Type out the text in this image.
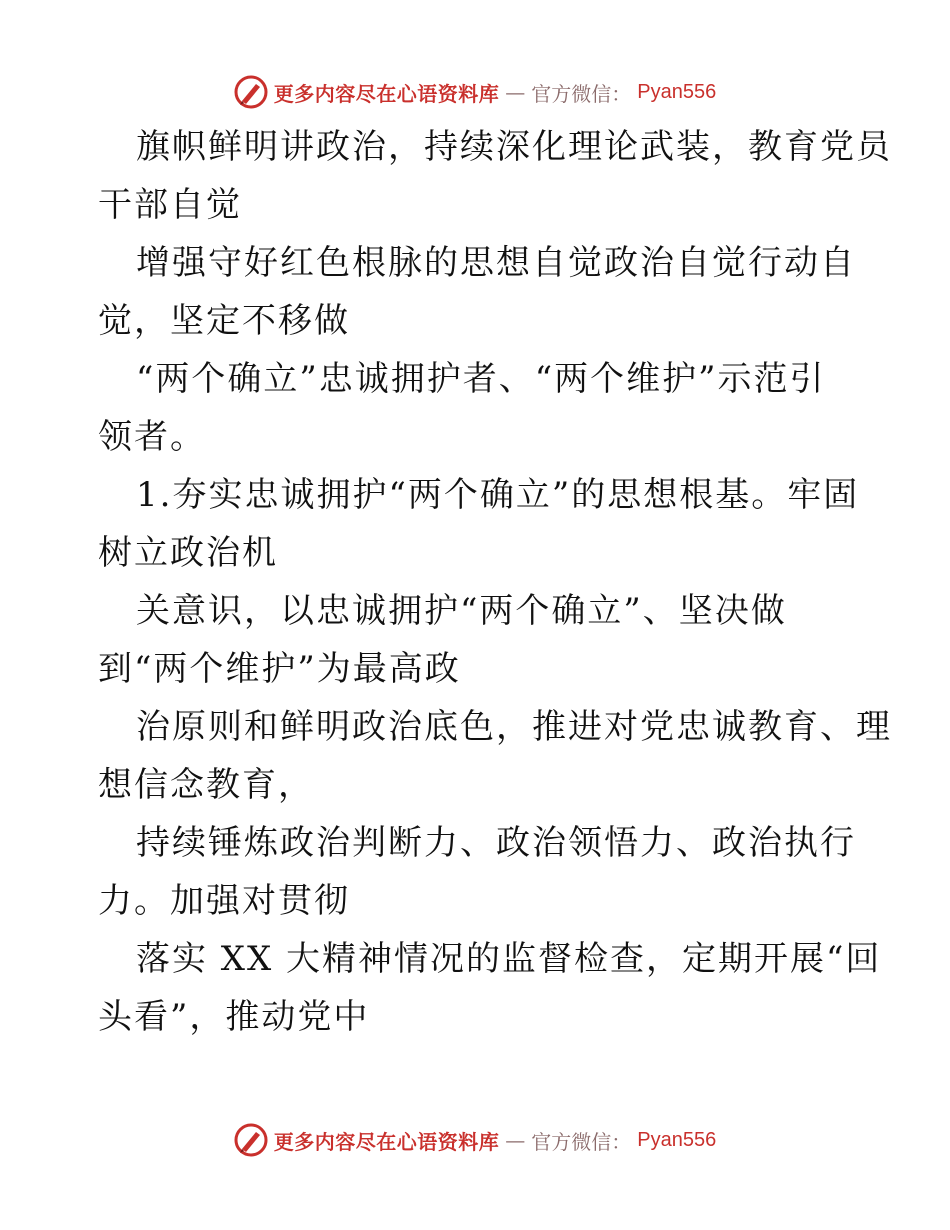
更多内容尽在心语资料库 — 官方微信： Pyan556
旗帜鲜明讲政治，持续深化理论武装，教育党员
干部自觉
增强守好红色根脉的思想自觉政治自觉行动自
觉，坚定不移做
“两个确立”忠诚拥护者、“两个维护”示范引
领者。
1.夯实忠诚拥护“两个确立”的思想根基。牢固
树立政治机
关意识，以忠诚拥护“两个确立”、坚决做
到“两个维护”为最高政
治原则和鲜明政治底色，推进对党忠诚教育、理
想信念教育，
持续锤炼政治判断力、政治领悟力、政治执行
力。加强对贯彻
落实 XX 大精神情况的监督检查，定期开展“回
头看”，推动党中
更多内容尽在心语资料库 — 官方微信： Pyan556
